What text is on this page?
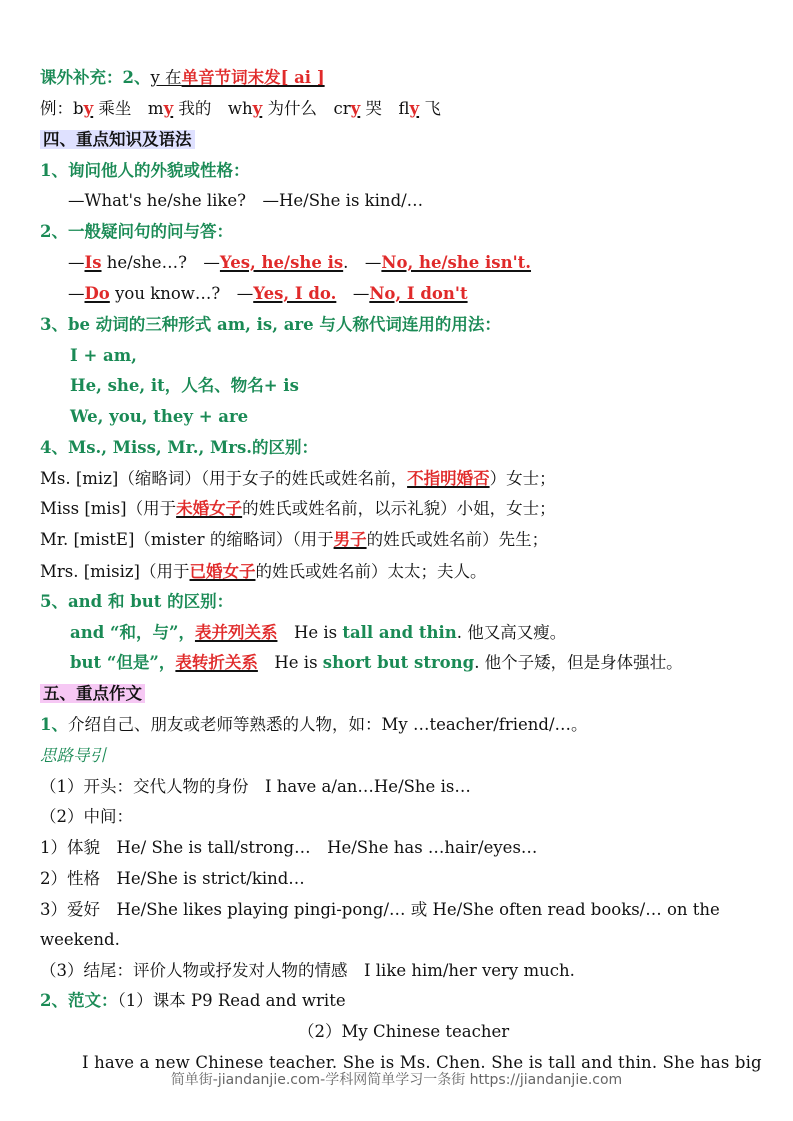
课外补充：2、y 在单音节词末发[ ai ]
例：by 乘坐　my 我的　why 为什么　cry 哭　fly 飞
四、重点知识及语法
1、询问他人的外貌或性格：
—What's he/she like?　—He/She is kind/…
2、一般疑问句的问与答：
—Is he/she…?　—Yes, he/she is.　—No, he/she isn't.
—Do you know…?　—Yes, I do.　 —No, I don't
3、be 动词的三种形式 am, is, are 与人称代词连用的用法：
I + am,
He, she, it，人名、物名+ is
We, you, they + are
4、Ms., Miss, Mr., Mrs.的区别：
Ms. [miz]（缩略词）（用于女子的姓氏或姓名前，不指明婚否）女士；
Miss [mis]（用于未婚女子的姓氏或姓名前，以示礼貌）小姐，女士；
Mr. [mistE]（mister 的缩略词）（用于男子的姓氏或姓名前）先生；
Mrs. [misiz]（用于已婚女子的姓氏或姓名前）太太；夫人。
5、and 和 but 的区别：
and “和，与”，表并列关系　He is tall and thin. 他又高又瘦。
but “但是”，表转折关系　He is short but strong. 他个子矮，但是身体强壮。
五、重点作文
1、介绍自己、朋友或老师等熟悉的人物，如：My …teacher/friend/…。
思路导引
（1）开头：交代人物的身份　I have a/an…He/She is…
（2）中间：
1）体貌　He/ She is tall/strong…　He/She has …hair/eyes…
2）性格　He/She is strict/kind…
3）爱好　He/She likes playing pingi-pong/… 或 He/She often read books/… on the
weekend.
（3）结尾：评价人物或抒发对人物的情感　I like him/her very much.
2、范文：（1）课本 P9 Read and write
（2）My Chinese teacher
I have a new Chinese teacher. She is Ms. Chen. She is tall and thin. She has big
简单街-jiandanjie.com-学科网简单学习一条街 https://jiandanjie.com
